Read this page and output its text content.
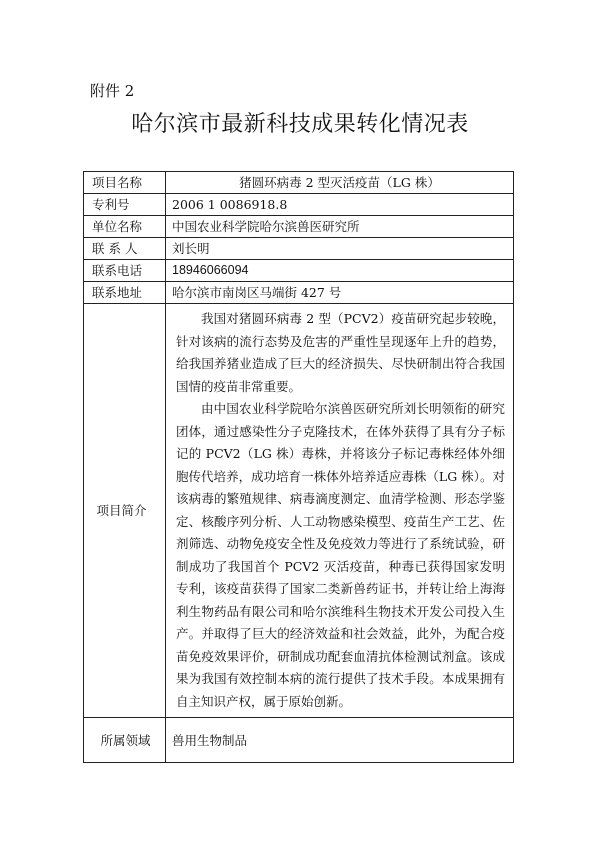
附件 2
哈尔滨市最新科技成果转化情况表
项目名称	猪圆环病毒 2 型灭活疫苗（LG 株）
专利号	2006 1 0086918.8
单位名称	中国农业科学院哈尔滨兽医研究所
联 系 人	刘长明
联系电话	18946066094
联系地址	哈尔滨市南岗区马端街 427 号
项目简介	我国对猪圆环病毒 2 型（PCV2）疫苗研究起步较晚，针对该病的流行态势及危害的严重性呈现逐年上升的趋势，给我国养猪业造成了巨大的经济损失、尽快研制出符合我国国情的疫苗非常重要。

由中国农业科学院哈尔滨兽医研究所刘长明领衔的研究团体，通过感染性分子克隆技术，在体外获得了具有分子标记的 PCV2（LG 株）毒株，并将该分子标记毒株经体外细胞传代培养，成功培育一株体外培养适应毒株（LG 株）。对该病毒的繁殖规律、病毒滴度测定、血清学检测、形态学鉴定、核酸序列分析、人工动物感染模型、疫苗生产工艺、佐剂筛选、动物免疫安全性及免疫效力等进行了系统试验，研制成功了我国首个 PCV2 灭活疫苗，种毒已获得国家发明专利，该疫苗获得了国家二类新兽药证书，并转让给上海海利生物药品有限公司和哈尔滨维科生物技术开发公司投入生产。并取得了巨大的经济效益和社会效益，此外，为配合疫苗免疫效果评价，研制成功配套血清抗体检测试剂盒。该成果为我国有效控制本病的流行提供了技术手段。本成果拥有自主知识产权，属于原始创新。

所属领域	兽用生物制品
